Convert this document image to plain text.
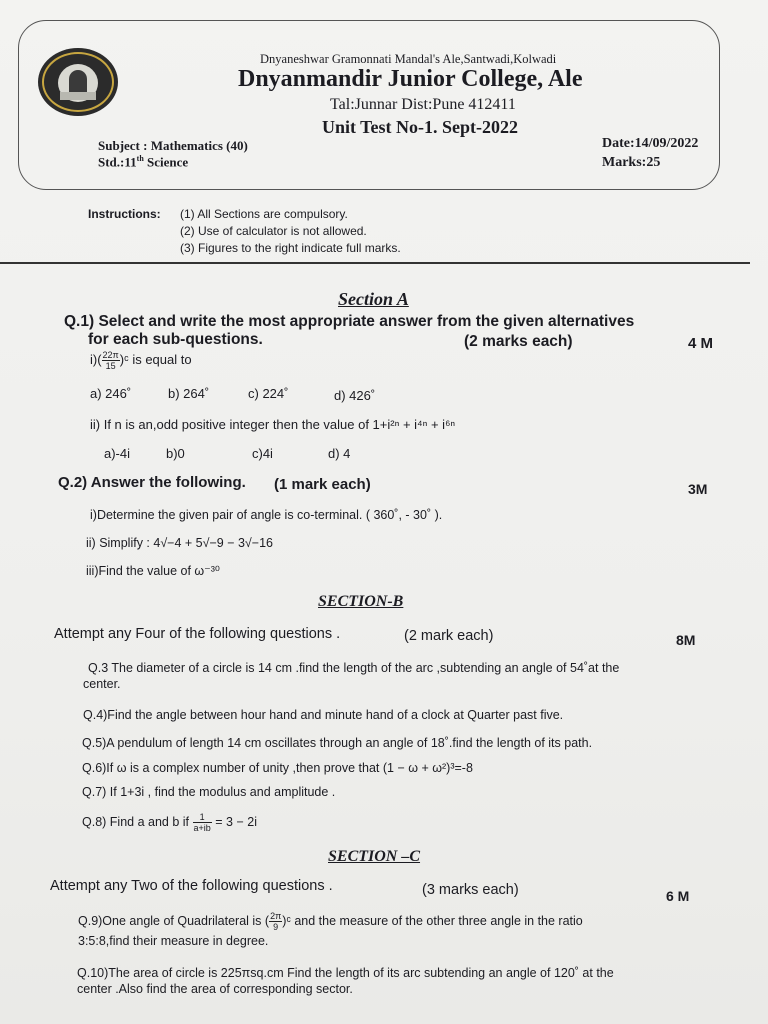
Dnyaneshwar Gramonnati Mandal's Ale,Santwadi,Kolwadi
Dnyanmandir Junior College, Ale
Tal:Junnar Dist:Pune 412411
Unit Test No-1. Sept-2022
Subject : Mathematics (40)
Std.:11th Science
Date:14/09/2022
Marks:25
Instructions: (1) All Sections are compulsory.
(2) Use of calculator is not allowed.
(3) Figures to the right indicate full marks.
Section A
Q.1) Select and write the most appropriate answer from the given alternatives
for each sub-questions.	(2 marks each)	4 M
$i)( \frac{22\pi}{15}$ )ᶜ is equal to
a) 246˚	b) 264˚	c) 224˚	d) 426˚
ii) If n is an,odd positive integer then the value of 1+i²ⁿ + i⁴ⁿ + i⁶ⁿ
a)-4i	b)0	c)4i	d) 4
Q.2) Answer the following. (1 mark each)	3M
i)Determine the given pair of angle is co-terminal. ( 360˚, - 30˚ ).
ii) Simplify : 4√−4 + 5√−9 − 3√−16
iii)Find the value of ω⁻³⁰
SECTION-B
Attempt any Four of the following questions .	(2 mark each)	8M
Q.3 The diameter of a circle is 14 cm .find the length of the arc ,subtending an angle of 54˚at the
center.
Q.4)Find the angle between hour hand and minute hand of a clock at Quarter past five.
Q.5)A pendulum of length 14 cm oscillates through an angle of 18˚.find the length of its path.
Q.6)If ω is a complex number of unity ,then prove that (1 − ω + ω²)³=-8
Q.7) If 1+3i , find the modulus and amplitude .
Q.8) Find a and b if $\frac{1}{a+ib} = 3 - 2i$
SECTION –C
Attempt any Two of the following questions .	(3 marks each)	6 M
Q.9)One angle of Quadrilateral is ( $\frac{2\pi}{9}$ )ᶜ and the measure of the other three angle in the ratio
3:5:8,find their measure in degree.
Q.10)The area of circle is 225πsq.cm Find the length of its arc subtending an angle of 120˚ at the
center .Also find the area of corresponding sector.
